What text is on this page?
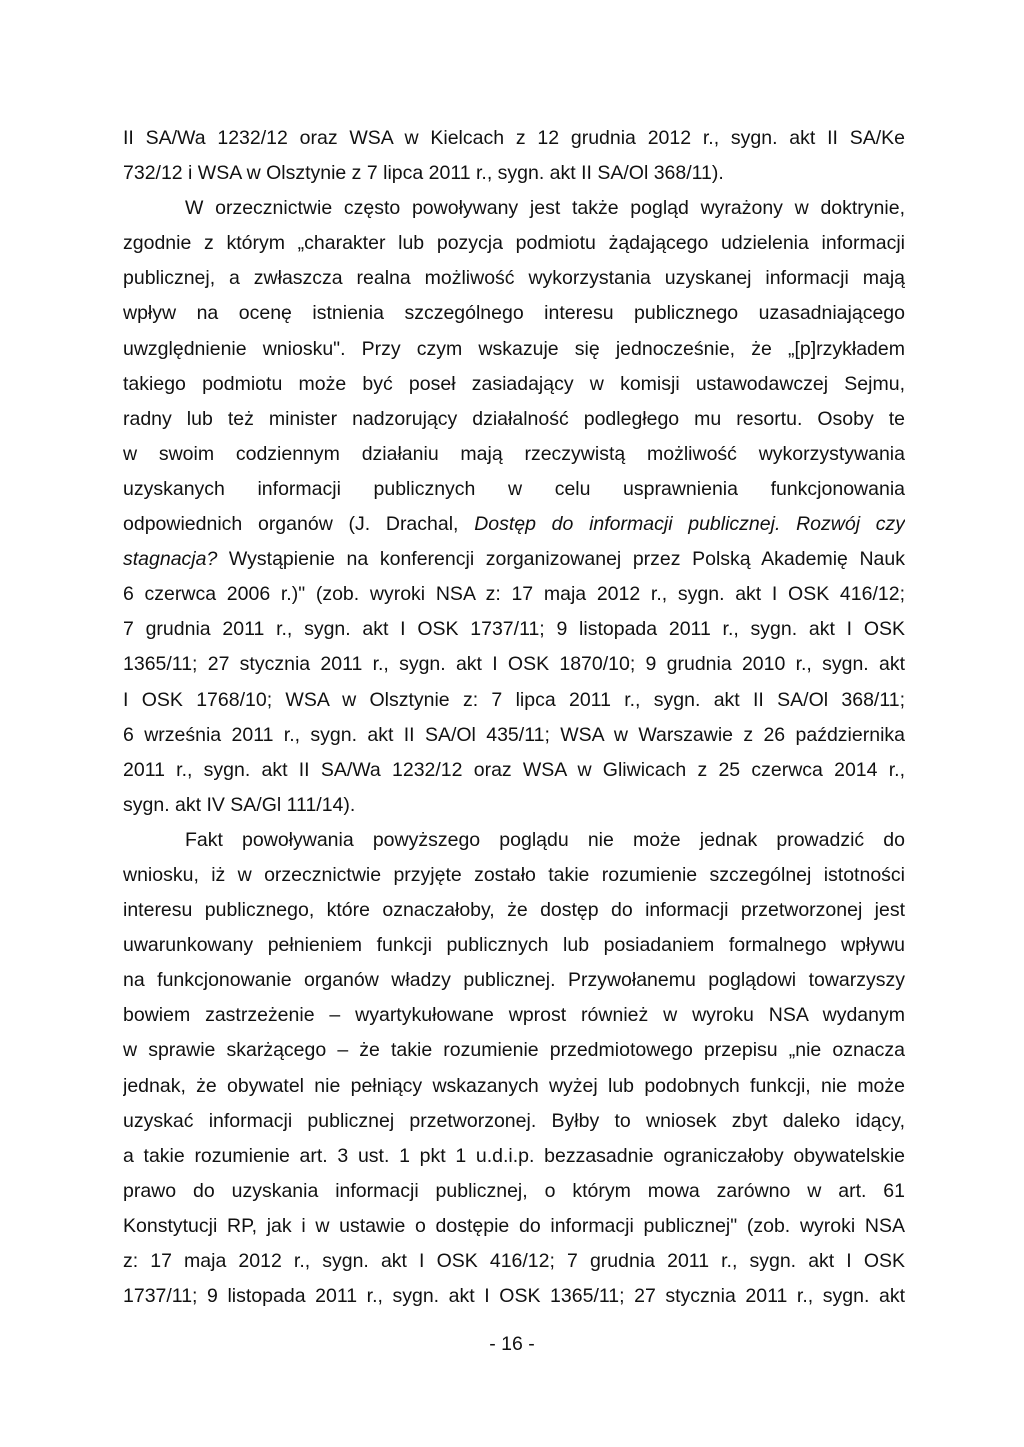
II SA/Wa 1232/12 oraz WSA w Kielcach z 12 grudnia 2012 r., sygn. akt II SA/Ke
732/12 i WSA w Olsztynie z 7 lipca 2011 r., sygn. akt II SA/Ol 368/11).
W orzecznictwie często powoływany jest także pogląd wyrażony w doktrynie,
zgodnie z którym „charakter lub pozycja podmiotu żądającego udzielenia informacji
publicznej, a zwłaszcza realna możliwość wykorzystania uzyskanej informacji mają
wpływ na ocenę istnienia szczególnego interesu publicznego uzasadniającego
uwzględnienie wniosku". Przy czym wskazuje się jednocześnie, że „[p]rzykładem
takiego podmiotu może być poseł zasiadający w komisji ustawodawczej Sejmu,
radny lub też minister nadzorujący działalność podległego mu resortu. Osoby te
w swoim codziennym działaniu mają rzeczywistą możliwość wykorzystywania
uzyskanych informacji publicznych w celu usprawnienia funkcjonowania
odpowiednich organów (J. Drachal, Dostęp do informacji publicznej. Rozwój czy
stagnacja? Wystąpienie na konferencji zorganizowanej przez Polską Akademię Nauk
6 czerwca 2006 r.)" (zob. wyroki NSA z: 17 maja 2012 r., sygn. akt I OSK 416/12;
7 grudnia 2011 r., sygn. akt I OSK 1737/11; 9 listopada 2011 r., sygn. akt I OSK
1365/11; 27 stycznia 2011 r., sygn. akt I OSK 1870/10; 9 grudnia 2010 r., sygn. akt
I OSK 1768/10; WSA w Olsztynie z: 7 lipca 2011 r., sygn. akt II SA/Ol 368/11;
6 września 2011 r., sygn. akt II SA/Ol 435/11; WSA w Warszawie z 26 października
2011 r., sygn. akt II SA/Wa 1232/12 oraz WSA w Gliwicach z 25 czerwca 2014 r.,
sygn. akt IV SA/Gl 111/14).
Fakt powoływania powyższego poglądu nie może jednak prowadzić do
wniosku, iż w orzecznictwie przyjęte zostało takie rozumienie szczególnej istotności
interesu publicznego, które oznaczałoby, że dostęp do informacji przetworzonej jest
uwarunkowany pełnieniem funkcji publicznych lub posiadaniem formalnego wpływu
na funkcjonowanie organów władzy publicznej. Przywołanemu poglądowi towarzyszy
bowiem zastrzeżenie – wyartykułowane wprost również w wyroku NSA wydanym
w sprawie skarżącego – że takie rozumienie przedmiotowego przepisu „nie oznacza
jednak, że obywatel nie pełniący wskazanych wyżej lub podobnych funkcji, nie może
uzyskać informacji publicznej przetworzonej. Byłby to wniosek zbyt daleko idący,
a takie rozumienie art. 3 ust. 1 pkt 1 u.d.i.p. bezzasadnie ograniczałoby obywatelskie
prawo do uzyskania informacji publicznej, o którym mowa zarówno w art. 61
Konstytucji RP, jak i w ustawie o dostępie do informacji publicznej" (zob. wyroki NSA
z: 17 maja 2012 r., sygn. akt I OSK 416/12; 7 grudnia 2011 r., sygn. akt I OSK
1737/11; 9 listopada 2011 r., sygn. akt I OSK 1365/11; 27 stycznia 2011 r., sygn. akt
- 16 -
